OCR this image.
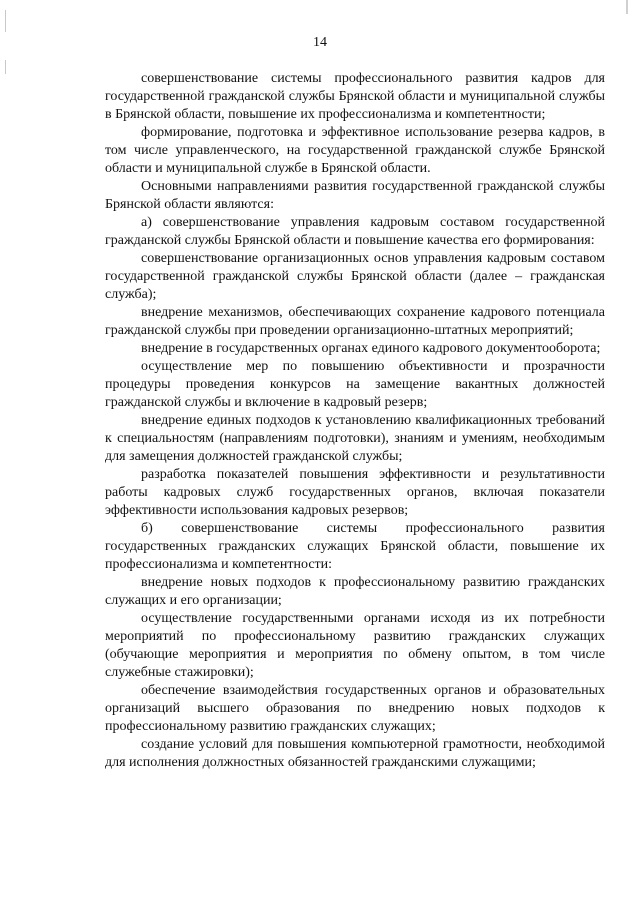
14

совершенствование системы профессионального развития кадров для государственной гражданской службы Брянской области и муниципальной службы в Брянской области, повышение их профессионализма и компетентности;

формирование, подготовка и эффективное использование резерва кадров, в том числе управленческого, на государственной гражданской службе Брянской области и муниципальной службе в Брянской области.

Основными направлениями развития государственной гражданской службы Брянской области являются:

а) совершенствование управления кадровым составом государственной гражданской службы Брянской области и повышение качества его формирования:

совершенствование организационных основ управления кадровым составом государственной гражданской службы Брянской области (далее – гражданская служба);

внедрение механизмов, обеспечивающих сохранение кадрового потенциала гражданской службы при проведении организационно-штатных мероприятий;

внедрение в государственных органах единого кадрового документооборота;

осуществление мер по повышению объективности и прозрачности процедуры проведения конкурсов на замещение вакантных должностей гражданской службы и включение в кадровый резерв;

внедрение единых подходов к установлению квалификационных требований к специальностям (направлениям подготовки), знаниям и умениям, необходимым для замещения должностей гражданской службы;

разработка показателей повышения эффективности и результативности работы кадровых служб государственных органов, включая показатели эффективности использования кадровых резервов;

б) совершенствование системы профессионального развития государственных гражданских служащих Брянской области, повышение их профессионализма и компетентности:

внедрение новых подходов к профессиональному развитию гражданских служащих и его организации;

осуществление государственными органами исходя из их потребности мероприятий по профессиональному развитию гражданских служащих (обучающие мероприятия и мероприятия по обмену опытом, в том числе служебные стажировки);

обеспечение взаимодействия государственных органов и образовательных организаций высшего образования по внедрению новых подходов к профессиональному развитию гражданских служащих;

создание условий для повышения компьютерной грамотности, необходимой для исполнения должностных обязанностей гражданскими служащими;
